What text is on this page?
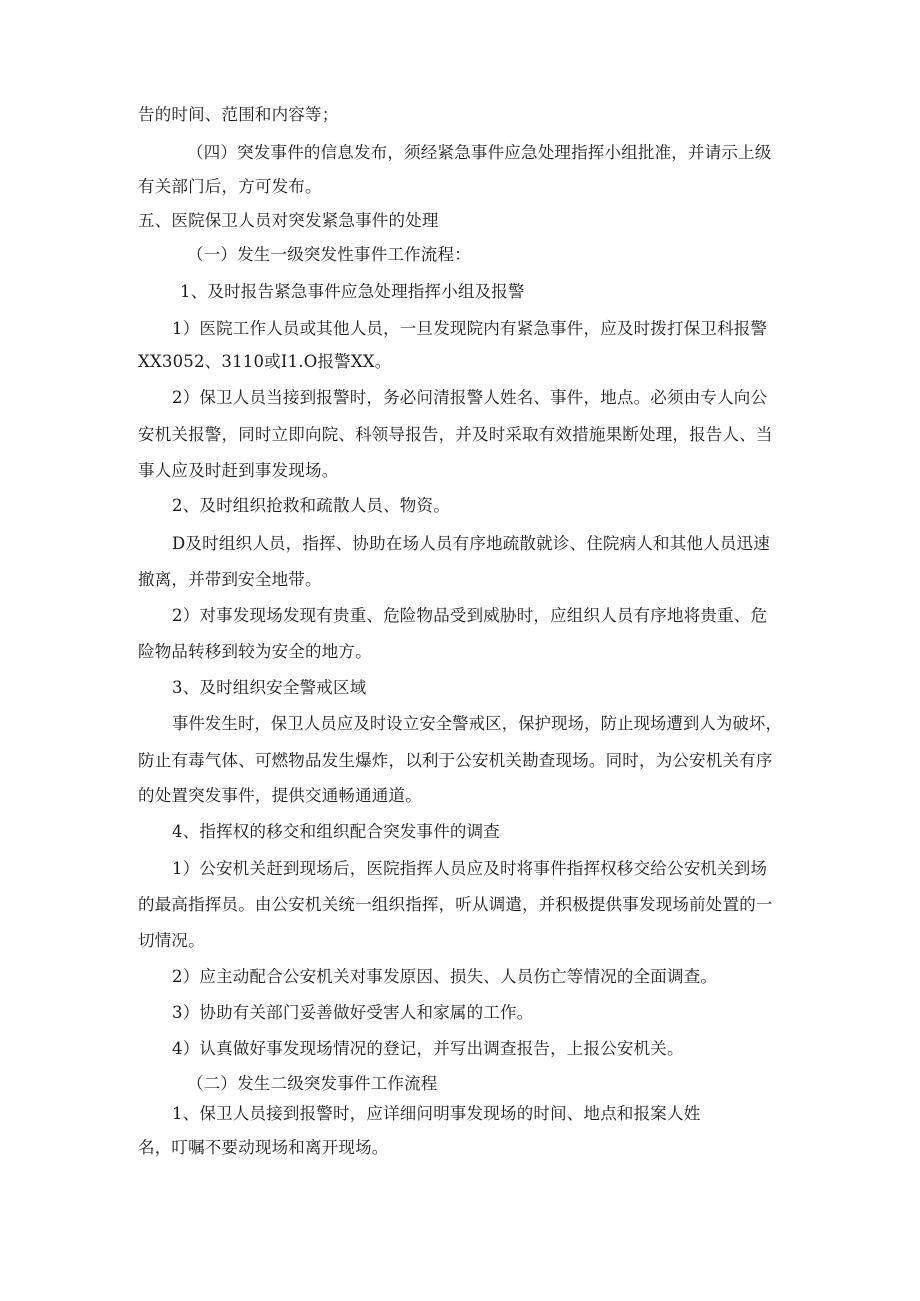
告的时间、范围和内容等；
（四）突发事件的信息发布，须经紧急事件应急处理指挥小组批准，并请示上级
有关部门后，方可发布。
五、医院保卫人员对突发紧急事件的处理
（一）发生一级突发性事件工作流程：
1、及时报告紧急事件应急处理指挥小组及报警
1）医院工作人员或其他人员，一旦发现院内有紧急事件，应及时拨打保卫科报警
XX3052、3110或I1.O报警XX。
2）保卫人员当接到报警时，务必问清报警人姓名、事件，地点。必须由专人向公
安机关报警，同时立即向院、科领导报告，并及时采取有效措施果断处理，报告人、当
事人应及时赶到事发现场。
2、及时组织抢救和疏散人员、物资。
D及时组织人员，指挥、协助在场人员有序地疏散就诊、住院病人和其他人员迅速
撤离，并带到安全地带。
2）对事发现场发现有贵重、危险物品受到威胁时，应组织人员有序地将贵重、危
险物品转移到较为安全的地方。
3、及时组织安全警戒区域
事件发生时，保卫人员应及时设立安全警戒区，保护现场，防止现场遭到人为破坏，
防止有毒气体、可燃物品发生爆炸，以利于公安机关勘查现场。同时，为公安机关有序
的处置突发事件，提供交通畅通通道。
4、指挥权的移交和组织配合突发事件的调查
1）公安机关赶到现场后，医院指挥人员应及时将事件指挥权移交给公安机关到场
的最高指挥员。由公安机关统一组织指挥，听从调遣，并积极提供事发现场前处置的一
切情况。
2）应主动配合公安机关对事发原因、损失、人员伤亡等情况的全面调查。
3）协助有关部门妥善做好受害人和家属的工作。
4）认真做好事发现场情况的登记，并写出调查报告，上报公安机关。
（二）发生二级突发事件工作流程
1、保卫人员接到报警时，应详细问明事发现场的时间、地点和报案人姓
名，叮嘱不要动现场和离开现场。
